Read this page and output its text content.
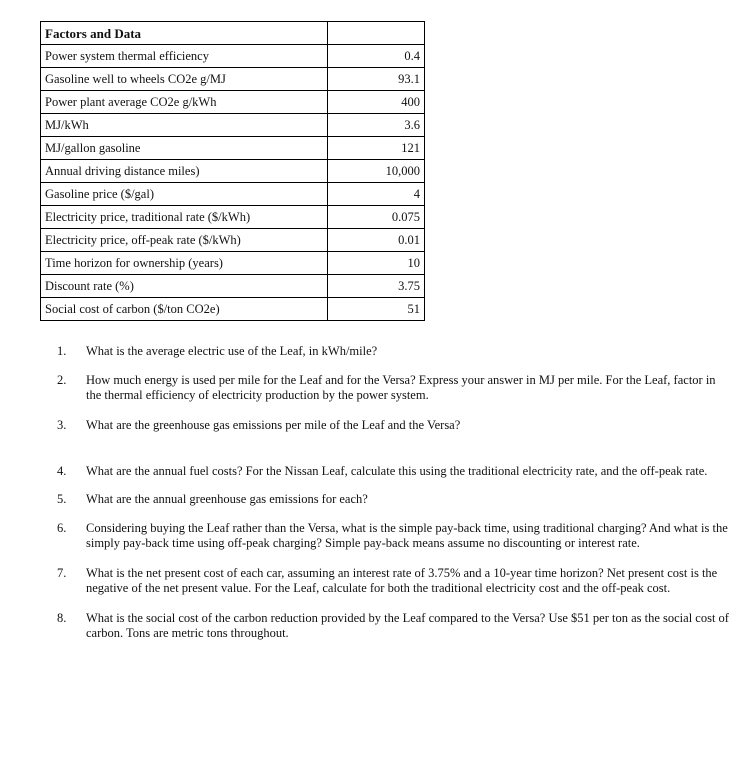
Factors and Data	
Power system thermal efficiency	0.4
Gasoline well to wheels CO2e g/MJ	93.1
Power plant average CO2e g/kWh	400
MJ/kWh	3.6
MJ/gallon gasoline	121
Annual driving distance miles)	10,000
Gasoline price ($/gal)	4
Electricity price, traditional rate ($/kWh)	0.075
Electricity price, off-peak rate ($/kWh)	0.01
Time horizon for ownership (years)	10
Discount rate (%)	3.75
Social cost of carbon ($/ton CO2e)	51
1.	What is the average electric use of the Leaf, in kWh/mile?
2.	How much energy is used per mile for the Leaf and for the Versa? Express your answer in MJ per mile. For the Leaf, factor in the thermal efficiency of electricity production by the power system.
3.	What are the greenhouse gas emissions per mile of the Leaf and the Versa?
4.	What are the annual fuel costs? For the Nissan Leaf, calculate this using the traditional electricity rate, and the off-peak rate.
5.	What are the annual greenhouse gas emissions for each?
6.	Considering buying the Leaf rather than the Versa, what is the simple pay-back time, using traditional charging? And what is the simply pay-back time using off-peak charging? Simple pay-back means assume no discounting or interest rate.
7.	What is the net present cost of each car, assuming an interest rate of 3.75% and a 10-year time horizon? Net present cost is the negative of the net present value. For the Leaf, calculate for both the traditional electricity cost and the off-peak cost.
8.	What is the social cost of the carbon reduction provided by the Leaf compared to the Versa? Use $51 per ton as the social cost of carbon. Tons are metric tons throughout.
